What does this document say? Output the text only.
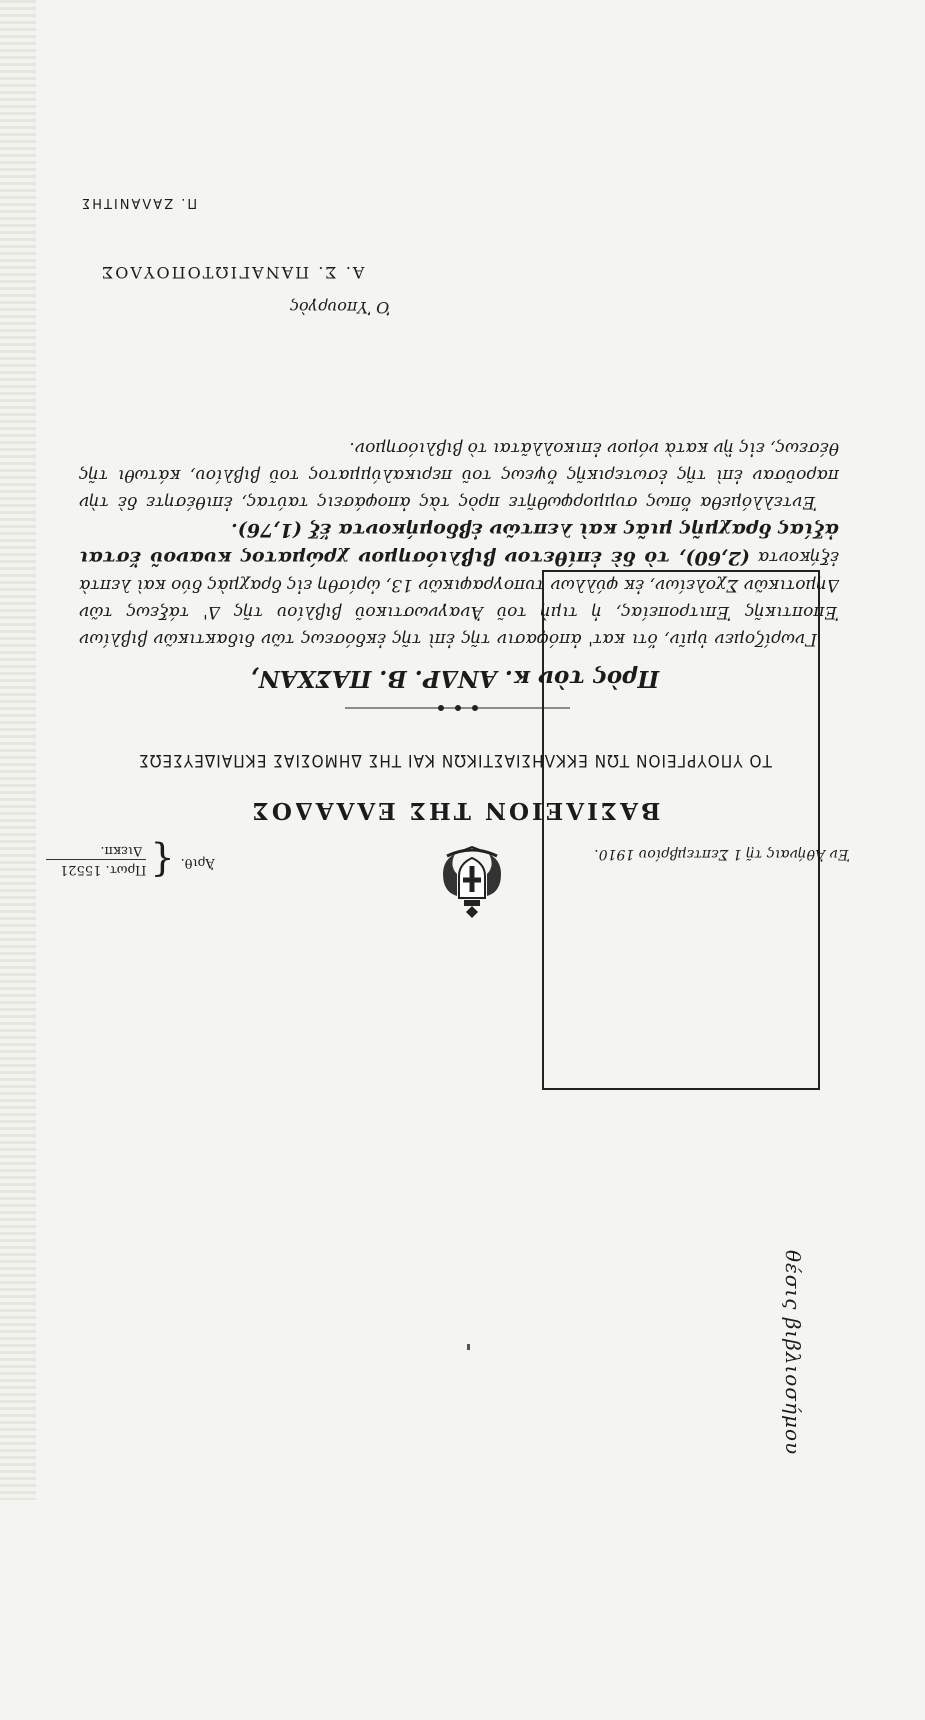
θέσις βιβλιοσήμου
Ἀριθ.
{
Πρωτ. 15521
Διεκπ.	Ἐν Ἀθήναις τῇ 1 Σεπτεμβρίου 1910.
ΒΑΣΙΛΕΙΟΝ ΤΗΣ ΕΛΛΑΔΟΣ
ΤΟ ΥΠΟΥΡΓΕΙΟΝ ΤΩΝ ΕΚΚΛΗΣΙΑΣΤΙΚΩΝ ΚΑΙ ΤΗΣ ΔΗΜΟΣΙΑΣ ΕΚΠΑΙΔΕΥΣΕΩΣ
Πρὸς τὸν κ. ΑΝΔΡ. Β. ΠΑΣΧΑΝ,

Γνωρίζομεν ὑμῖν, ὅτι κατ' ἀπόφασιν τῆς ἐπὶ τῆς ἐκδόσεως τῶν διδακτικῶν βιβλίων Ἐποπτικῆς Ἐπιτροπείας, ἡ τιμὴ τοῦ Ἀναγνωστικοῦ βιβλίου τῆς Δ' τάξεως τῶν Δημοτικῶν Σχολείων, ἐκ φύλλων τυπογραφικῶν 13, ὡρίσθη εἰς δραχμὰς δύο καὶ λεπτὰ ἑξήκοντα (2,60), τὸ δὲ ἐπίθετον βιβλιόσημον χρώματος κυανοῦ ἔσται ἀξίας δραχμῆς μιᾶς καὶ λεπτῶν ἑβδομήκοντα ἕξ (1,76).

Ἐντελλόμεθα ὅπως συμμορφωθῆτε πρὸς τὰς ἀποφάσεις ταύτας, ἐπιθέσητε δὲ τὴν παροῦσαν ἐπὶ τῆς ἐσωτερικῆς ὄψεως τοῦ περικαλύμματος τοῦ βιβλίου, κάτωθι τῆς θέσεως, εἰς ἣν κατὰ νόμον ἐπικολλᾶται τὸ βιβλιόσημον.

Ὁ Ὑπουργὸς
Α. Σ. ΠΑΝΑΓΙΩΤΟΠΟΥΛΟΣ
Π. ΖΑΛΑΝΙΤΗΣ
